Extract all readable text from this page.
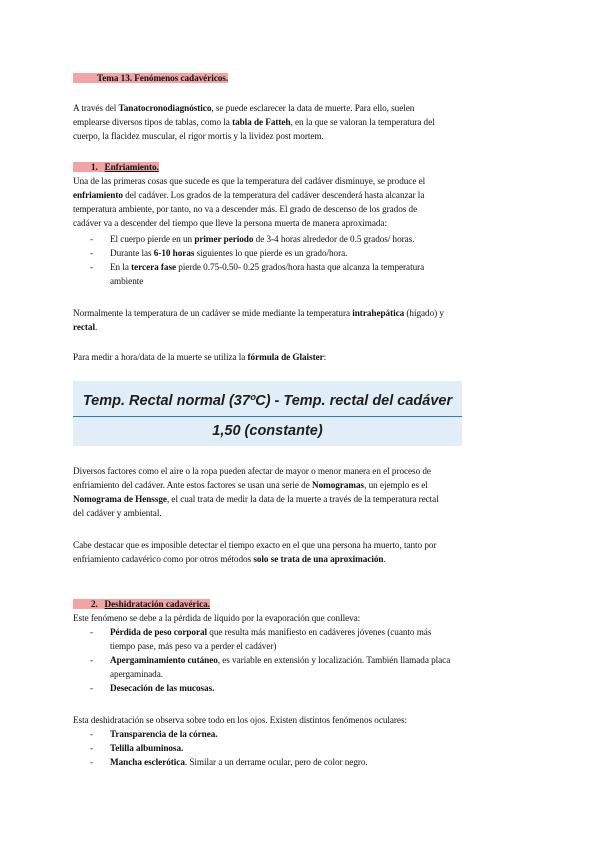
Tema 13. Fenómenos cadavéricos.
A través del Tanatocronodiagnóstico, se puede esclarecer la data de muerte. Para ello, suelen
emplearse diversos tipos de tablas, como la tabla de Fatteh, en la que se valoran la temperatura del
cuerpo, la flacidez muscular, el rigor mortis y la lividez post mortem.
1. Enfriamiento.
Una de las primeras cosas que sucede es que la temperatura del cadáver disminuye, se produce el
enfriamiento del cadáver. Los grados de la temperatura del cadáver descenderá hasta alcanzar la
temperatura ambiente, por tanto, no va a descender más. El grado de descenso de los grados de
cadáver va a descender del tiempo que lleve la persona muerta de manera aproximada:
-	El cuerpo pierde en un primer periodo de 3-4 horas alrededor de 0.5 grados/ horas.
-	Durante las 6-10 horas siguientes lo que pierde es un grado/hora.
-	En la tercera fase pierde 0.75-0.50- 0.25 grados/hora hasta que alcanza la temperatura
ambiente
Normalmente la temperatura de un cadáver se mide mediante la temperatura intrahepática (hígado) y
rectal.
Para medir a hora/data de la muerte se utiliza la fórmula de Glaister:
Temp. Rectal normal (37ºC) - Temp. rectal del cadáver
1,50 (constante)
Diversos factores como el aire o la ropa pueden afectar de mayor o menor manera en el proceso de
enfriamiento del cadáver. Ante estos factores se usan una serie de Nomogramas, un ejemplo es el
Nomograma de Henssge, el cual trata de medir la data de la muerte a través de la temperatura rectal
del cadáver y ambiental.
Cabe destacar que es imposible detectar el tiempo exacto en el que una persona ha muerto, tanto por
enfriamiento cadavérico como por otros métodos solo se trata de una aproximación.
2. Deshidratación cadavérica.
Este fenómeno se debe a la pérdida de líquido por la evaporación que conlleva:
-	Pérdida de peso corporal que resulta más manifiesto en cadáveres jóvenes (cuanto más
tiempo pase, más peso va a perder el cadáver)
-	Apergaminamiento cutáneo, es variable en extensión y localización. También llamada placa
apergaminada.
-	Desecación de las mucosas.
Esta deshidratación se observa sobre todo en los ojos. Existen distintos fenómenos oculares:
-	Transparencia de la córnea.
-	Telilla albuminosa.
-	Mancha esclerótica. Similar a un derrame ocular, pero de color negro.
